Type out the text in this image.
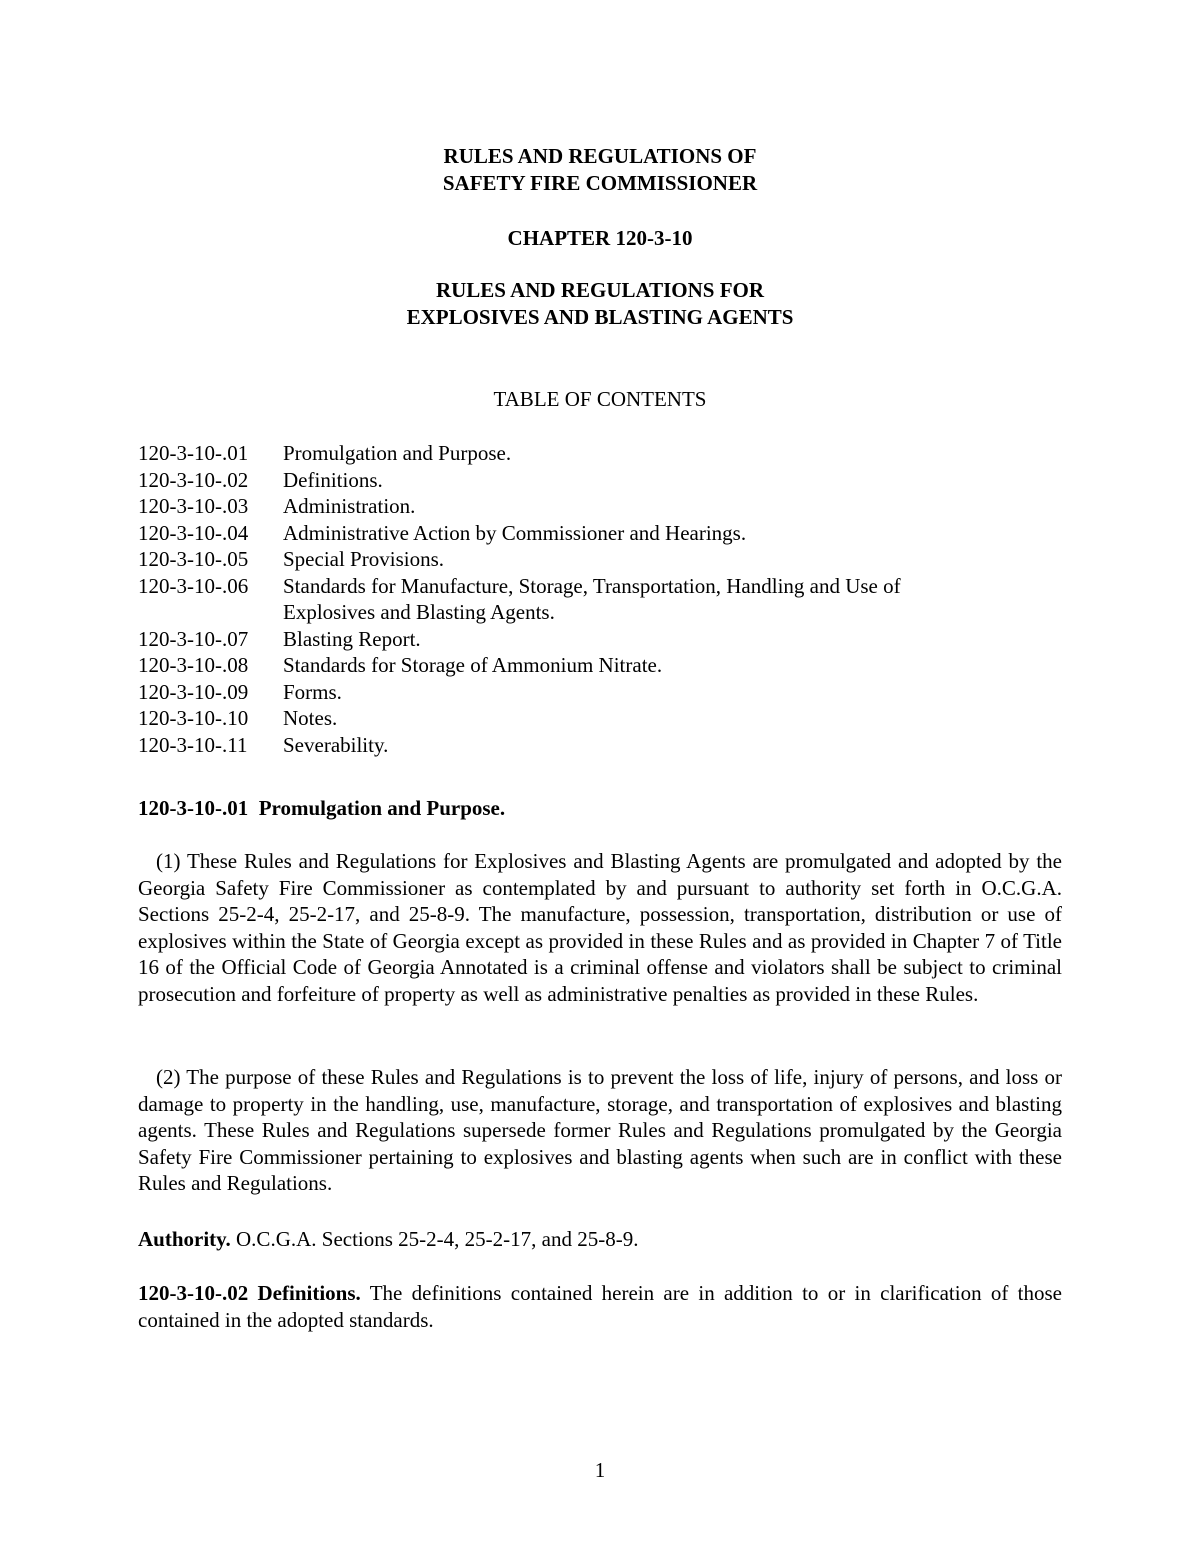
RULES AND REGULATIONS OF
SAFETY FIRE COMMISSIONER
CHAPTER 120-3-10
RULES AND REGULATIONS FOR
EXPLOSIVES AND BLASTING AGENTS
TABLE OF CONTENTS
120-3-10-.01	Promulgation and Purpose.
120-3-10-.02	Definitions.
120-3-10-.03	Administration.
120-3-10-.04	Administrative Action by Commissioner and Hearings.
120-3-10-.05	Special Provisions.
120-3-10-.06	Standards for Manufacture, Storage, Transportation, Handling and Use of Explosives and Blasting Agents.
120-3-10-.07	Blasting Report.
120-3-10-.08	Standards for Storage of Ammonium Nitrate.
120-3-10-.09	Forms.
120-3-10-.10	Notes.
120-3-10-.11	Severability.
120-3-10-.01  Promulgation and Purpose.

(1) These Rules and Regulations for Explosives and Blasting Agents are promulgated and adopted by the Georgia Safety Fire Commissioner as contemplated by and pursuant to authority set forth in O.C.G.A. Sections 25-2-4, 25-2-17, and 25-8-9. The manufacture, possession, transportation, distribution or use of explosives within the State of Georgia except as provided in these Rules and as provided in Chapter 7 of Title 16 of the Official Code of Georgia Annotated is a criminal offense and violators shall be subject to criminal prosecution and forfeiture of property as well as administrative penalties as provided in these Rules.

(2) The purpose of these Rules and Regulations is to prevent the loss of life, injury of persons, and loss or damage to property in the handling, use, manufacture, storage, and transportation of explosives and blasting agents. These Rules and Regulations supersede former Rules and Regulations promulgated by the Georgia Safety Fire Commissioner pertaining to explosives and blasting agents when such are in conflict with these Rules and Regulations.

Authority. O.C.G.A. Sections 25-2-4, 25-2-17, and 25-8-9.

120-3-10-.02 Definitions. The definitions contained herein are in addition to or in clarification of those contained in the adopted standards.

1
